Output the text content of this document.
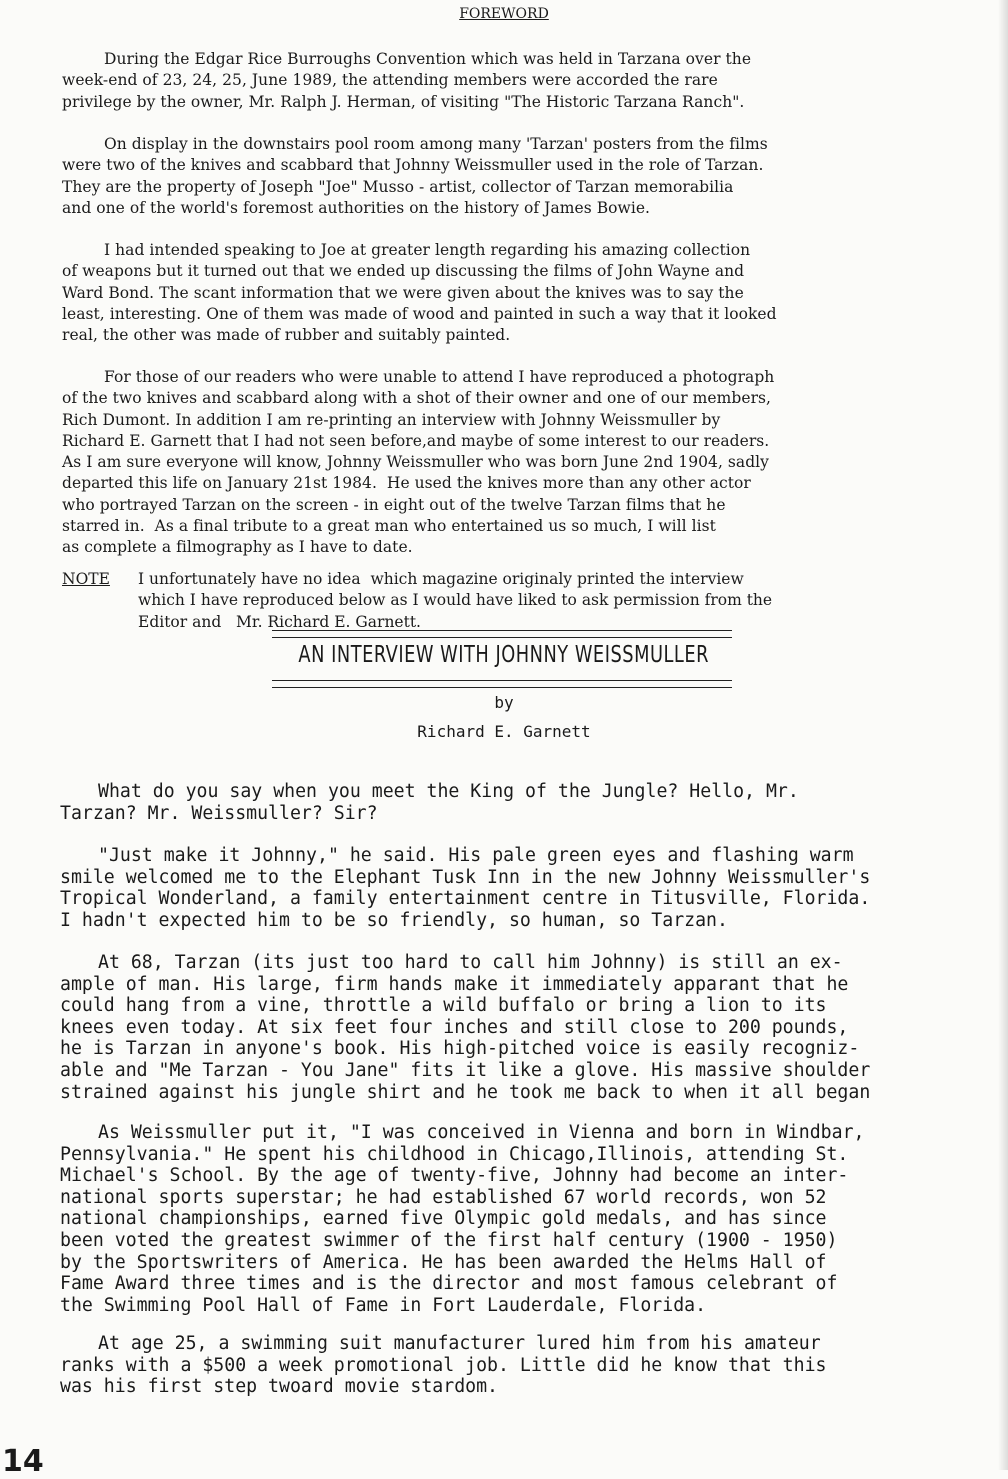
FOREWORD

During the Edgar Rice Burroughs Convention which was held in Tarzana over the
week-end of 23, 24, 25, June 1989, the attending members were accorded the rare
privilege by the owner, Mr. Ralph J. Herman, of visiting "The Historic Tarzana Ranch".

On display in the downstairs pool room among many 'Tarzan' posters from the films
were two of the knives and scabbard that Johnny Weissmuller used in the role of Tarzan.
They are the property of Joseph "Joe" Musso - artist, collector of Tarzan memorabilia
and one of the world's foremost authorities on the history of James Bowie.

I had intended speaking to Joe at greater length regarding his amazing collection
of weapons but it turned out that we ended up discussing the films of John Wayne and
Ward Bond. The scant information that we were given about the knives was to say the
least, interesting. One of them was made of wood and painted in such a way that it looked
real, the other was made of rubber and suitably painted.

For those of our readers who were unable to attend I have reproduced a photograph
of the two knives and scabbard along with a shot of their owner and one of our members,
Rich Dumont. In addition I am re-printing an interview with Johnny Weissmuller by
Richard E. Garnett that I had not seen before,and maybe of some interest to our readers.
As I am sure everyone will know, Johnny Weissmuller who was born June 2nd 1904, sadly
departed this life on January 21st 1984.  He used the knives more than any other actor
who portrayed Tarzan on the screen - in eight out of the twelve Tarzan films that he
starred in.  As a final tribute to a great man who entertained us so much, I will list
as complete a filmography as I have to date.

NOTE I unfortunately have no idea  which magazine originaly printed the interview
which I have reproduced below as I would have liked to ask permission from the
Editor and   Mr. Richard E. Garnett.
AN INTERVIEW WITH JOHNNY WEISSMULLER
by
Richard E. Garnett

What do you say when you meet the King of the Jungle? Hello, Mr.
Tarzan? Mr. Weissmuller? Sir?

"Just make it Johnny," he said. His pale green eyes and flashing warm
smile welcomed me to the Elephant Tusk Inn in the new Johnny Weissmuller's
Tropical Wonderland, a family entertainment centre in Titusville, Florida.
I hadn't expected him to be so friendly, so human, so Tarzan.

At 68, Tarzan (its just too hard to call him Johnny) is still an ex-
ample of man. His large, firm hands make it immediately apparant that he
could hang from a vine, throttle a wild buffalo or bring a lion to its
knees even today. At six feet four inches and still close to 200 pounds,
he is Tarzan in anyone's book. His high-pitched voice is easily recogniz-
able and "Me Tarzan - You Jane" fits it like a glove. His massive shoulder
strained against his jungle shirt and he took me back to when it all began

As Weissmuller put it, "I was conceived in Vienna and born in Windbar,
Pennsylvania." He spent his childhood in Chicago,Illinois, attending St.
Michael's School. By the age of twenty-five, Johnny had become an inter-
national sports superstar; he had established 67 world records, won 52
national championships, earned five Olympic gold medals, and has since
been voted the greatest swimmer of the first half century (1900 - 1950)
by the Sportswriters of America. He has been awarded the Helms Hall of
Fame Award three times and is the director and most famous celebrant of
the Swimming Pool Hall of Fame in Fort Lauderdale, Florida.

At age 25, a swimming suit manufacturer lured him from his amateur
ranks with a $500 a week promotional job. Little did he know that this
was his first step twoard movie stardom.

14
